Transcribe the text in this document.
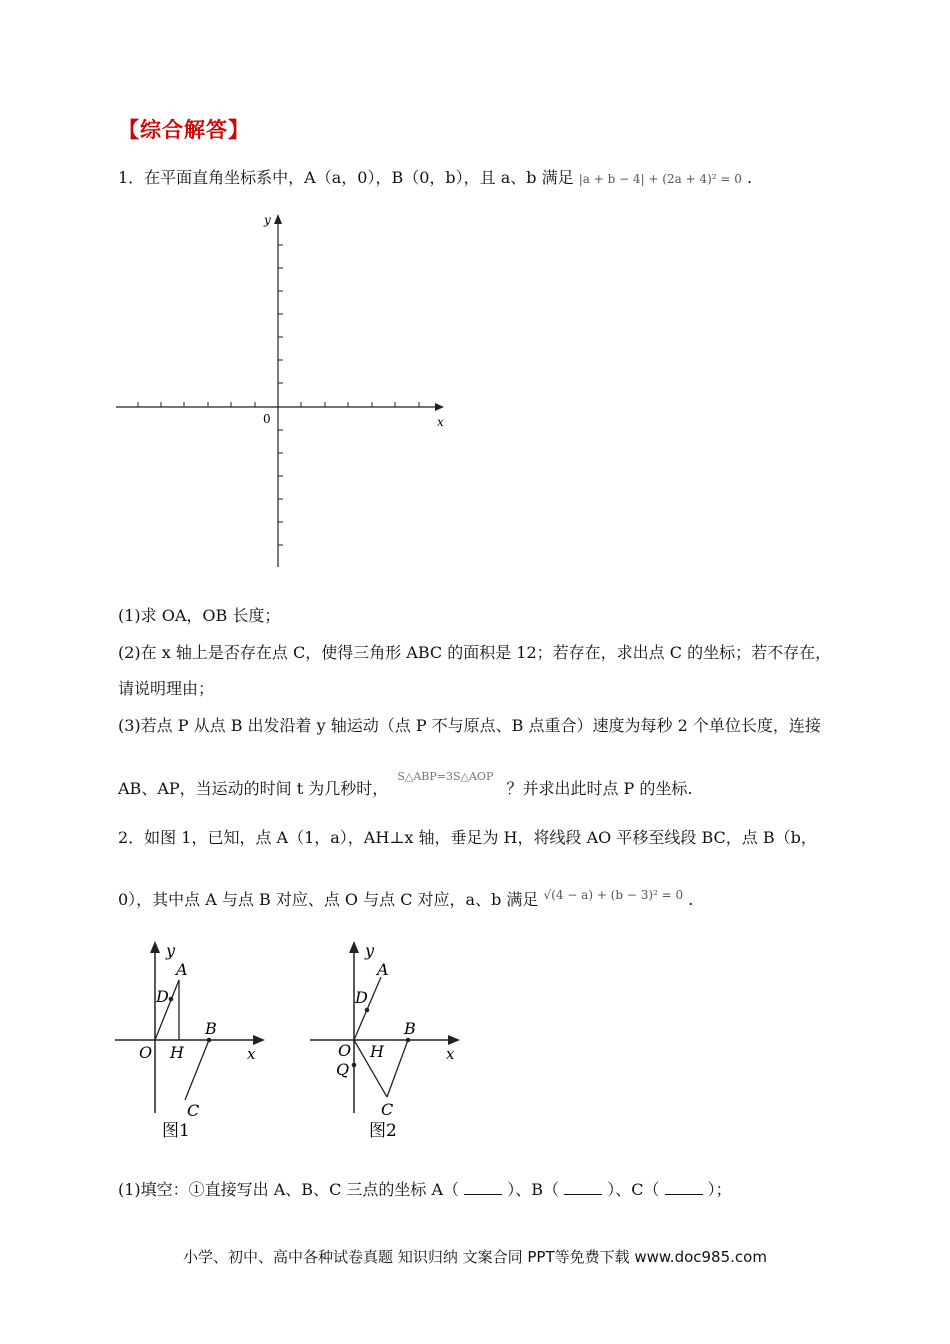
【综合解答】
1．在平面直角坐标系中，A（a，0），B（0，b），且 a、b 满足 |a + b − 4| + (2a + 4)² = 0 .
y
x
0
(1)求 OA，OB 长度；
(2)在 x 轴上是否存在点 C，使得三角形 ABC 的面积是 12；若存在，求出点 C 的坐标；若不存在，
请说明理由；
(3)若点 P 从点 B 出发沿着 y 轴运动（点 P 不与原点、B 点重合）速度为每秒 2 个单位长度，连接
AB、AP，当运动的时间 t 为几秒时， $^{S\triangle ABP=3S\triangle AOP}$ ？并求出此时点 P 的坐标.
2．如图 1，已知，点 A（1，a），AH⊥x 轴，垂足为 H，将线段 AO 平移至线段 BC，点 B（b，
0），其中点 A 与点 B 对应、点 O 与点 C 对应，a、b 满足 $^{√(4 - a) + (b - 3)^2 = 0}$ .
y
A
D
O H
B
x
C
图1
y
A
D
O H
B
x
Q
C
图2
(1)填空：①直接写出 A、B、C 三点的坐标 A（	）、B（	）、C（	）；
小学、初中、高中各种试卷真题 知识归纳 文案合同 PPT等免费下载 www.doc985.com
